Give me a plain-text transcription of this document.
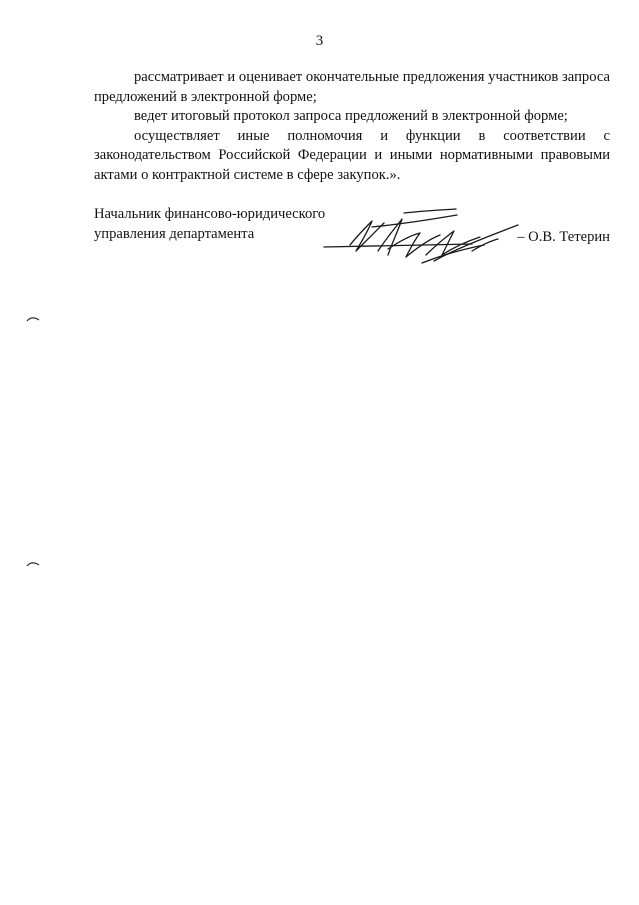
3

рассматривает и оценивает окончательные предложения участников запроса предложений в электронной форме;

ведет итоговый протокол запроса предложений в электронной форме;

осуществляет иные полномочия и функции в соответствии с законодательством Российской Федерации и иными нормативными правовыми актами о контрактной системе в сфере закупок.».

Начальник финансово-юридического
управления департамента	– О.В. Тетерин
